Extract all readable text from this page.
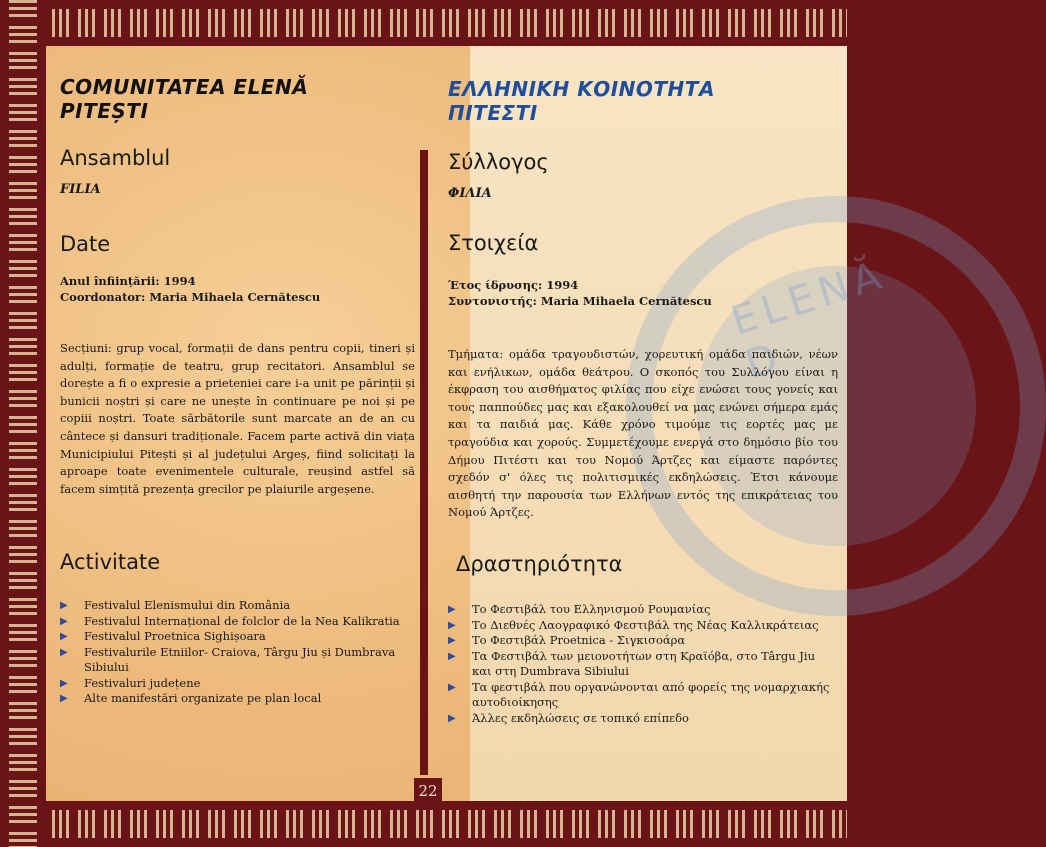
ELENĂ D
22
COMUNITATEA ELENĂ
PITEȘTI
Ansamblul
FILIA
Date
Anul înființării: 1994
Coordonator: Maria Mihaela Cernătescu
Secțiuni: grup vocal, formații de dans pentru copii, tineri și adulți, formație de teatru, grup recitatori. Ansamblul se dorește a fi o expresie a prieteniei care i-a unit pe părinții și bunicii noștri și care ne unește în continuare pe noi și pe copiii noștri. Toate sărbătorile sunt marcate an de an cu cântece și dansuri tradiționale. Facem parte activă din viața Municipiului Pitești și al județului Argeș, fiind solicitați la aproape toate evenimentele culturale, reușind astfel să facem simțită prezența grecilor pe plaiurile argeșene.
Activitate
▶ Festivalul Elenismului din România
▶ Festivalul Internațional de folclor de la Nea Kalikratia
▶ Festivalul Proetnica Sighișoara
▶ Festivalurile Etniilor- Craiova, Târgu Jiu și Dumbrava Sibiului
▶ Festivaluri județene
▶ Alte manifestări organizate pe plan local
ΕΛΛΗΝΙΚΗ ΚΟΙΝΟΤΗΤΑ
ΠΙΤΕΣΤΙ
Σύλλογος
ΦΙΛΙΑ
Στοιχεία
Έτος ίδρυσης: 1994
Συντονιστής: Maria Mihaela Cernătescu
Τμήματα: ομάδα τραγουδιστών, χορευτική ομάδα παιδιών, νέων και ενήλικων, ομάδα θεάτρου. Ο σκοπός του Συλλόγου είναι η έκφραση του αισθήματος φιλίας που είχε ενώσει τους γονείς και τους παππούδες μας και εξακολουθεί να μας ενώνει σήμερα εμάς και τα παιδιά μας. Κάθε χρόνο τιμούμε τις εορτές μας με τραγούδια και χορούς. Συμμετέχουμε ενεργά στο δημόσιο βίο του Δήμου Πιτέστι και του Νομού Άρτζες και είμαστε παρόντες σχεδόν σ' όλες τις πολιτισμικές εκδηλώσεις. Έτσι κάνουμε αισθητή την παρουσία των Ελλήνων εντός της επικράτειας του Νομού Άρτζες.
Δραστηριότητα
▶ Το Φεστιβάλ του Ελληνισμού Ρουμανίας
▶ Το Διεθνές Λαογραφικό Φεστιβάλ της Νέας Καλλικράτειας
▶ Το Φεστιβάλ Proetnica - Σιγκισοάρα
▶ Τα Φεστιβάλ των μειονοτήτων στη Κραϊόβα, στο Târgu Jiu και στη Dumbrava Sibiului
▶ Τα φεστιβάλ που οργανώνονται από φορείς της νομαρχιακής αυτοδιοίκησης
▶ Άλλες εκδηλώσεις σε τοπικό επίπεδο
